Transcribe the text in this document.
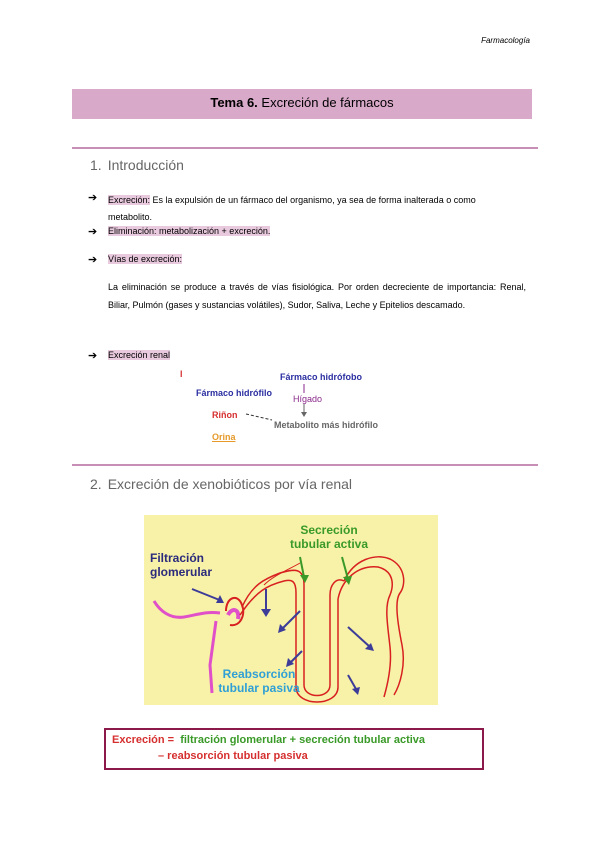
Farmacología
Tema 6. Excreción de fármacos
1. Introducción
➔ Excreción: Es la expulsión de un fármaco del organismo, ya sea de forma inalterada o como
metabolito.
➔ Eliminación: metabolización + excreción.
➔ Vías de excreción:
La eliminación se produce a través de vías fisiológica. Por orden decreciente de importancia: Renal, Biliar, Pulmón (gases y sustancias volátiles), Sudor, Saliva, Leche y Epitelios descamado.
➔ Excreción renal
l	Fármaco hidrófobo
Fármaco hidrófilo
Hígado
Riñon
Metabolito más hidrófilo
Orina
2. Excreción de xenobióticos por vía renal
Filtración glomerular
Secreción tubular activa
Reabsorción tubular pasiva
Excreción = filtración glomerular + secreción tubular activa
– reabsorción tubular pasiva
